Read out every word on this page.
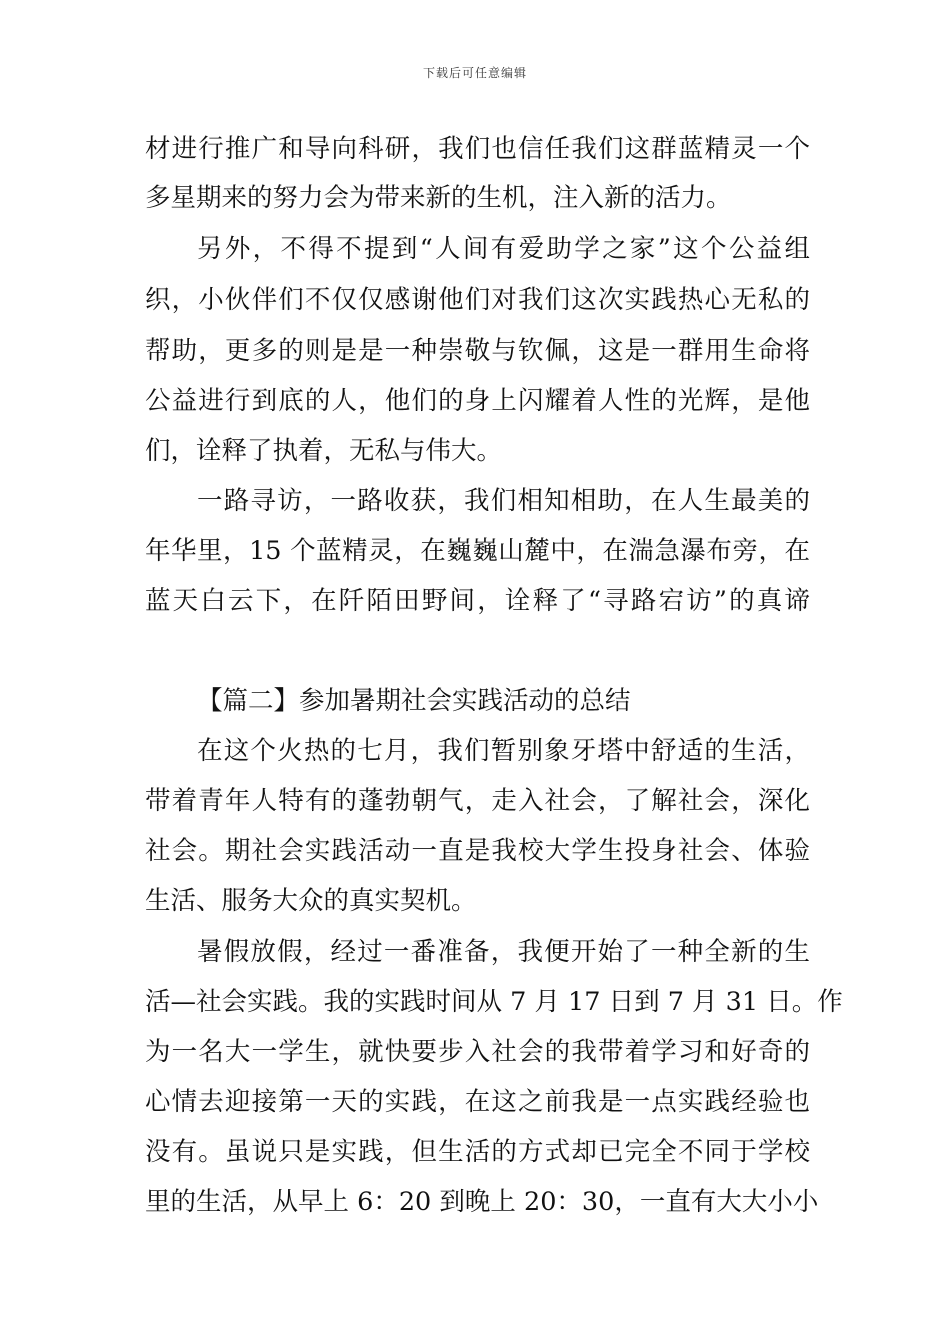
下载后可任意编辑
材进行推广和导向科研，我们也信任我们这群蓝精灵一个
多星期来的努力会为带来新的生机，注入新的活力。
另外，不得不提到“人间有爱助学之家”这个公益组
织，小伙伴们不仅仅感谢他们对我们这次实践热心无私的
帮助，更多的则是是一种崇敬与钦佩，这是一群用生命将
公益进行到底的人，他们的身上闪耀着人性的光辉，是他
们，诠释了执着，无私与伟大。
一路寻访，一路收获，我们相知相助，在人生最美的
年华里，15 个蓝精灵，在巍巍山麓中，在湍急瀑布旁，在
蓝天白云下，在阡陌田野间，诠释了“寻路宕访”的真谛
【篇二】参加暑期社会实践活动的总结
在这个火热的七月，我们暂别象牙塔中舒适的生活，
带着青年人特有的蓬勃朝气，走入社会，了解社会，深化
社会。期社会实践活动一直是我校大学生投身社会、体验
生活、服务大众的真实契机。
暑假放假，经过一番准备，我便开始了一种全新的生
活—社会实践。我的实践时间从 7 月 17 日到 7 月 31 日。作
为一名大一学生，就快要步入社会的我带着学习和好奇的
心情去迎接第一天的实践，在这之前我是一点实践经验也
没有。虽说只是实践，但生活的方式却已完全不同于学校
里的生活，从早上 6：20 到晚上 20：30，一直有大大小小
